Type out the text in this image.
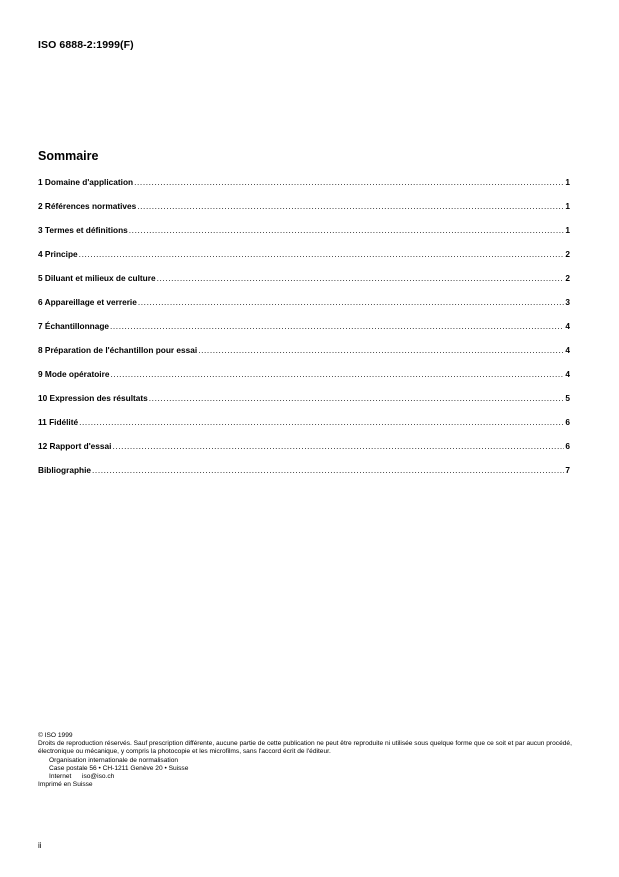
ISO 6888-2:1999(F)
Sommaire
1 Domaine d'application .....	1
2 Références normatives .....	1
3 Termes et définitions .....	1
4 Principe .....	2
5 Diluant et milieux de culture .....	2
6 Appareillage et verrerie .....	3
7 Échantillonnage .....	4
8 Préparation de l'échantillon pour essai .....	4
9 Mode opératoire .....	4
10 Expression des résultats .....	5
11 Fidélité .....	6
12 Rapport d'essai .....	6
Bibliographie .....	7

© ISO 1999

Droits de reproduction réservés. Sauf prescription différente, aucune partie de cette publication ne peut être reproduite ni utilisée sous quelque forme que ce soit et par aucun procédé, électronique ou mécanique, y compris la photocopie et les microfilms, sans l'accord écrit de l'éditeur.

Organisation internationale de normalisation

Case postale 56 • CH-1211 Genève 20 • Suisse

Internet iso@iso.ch

Imprimé en Suisse

ii
